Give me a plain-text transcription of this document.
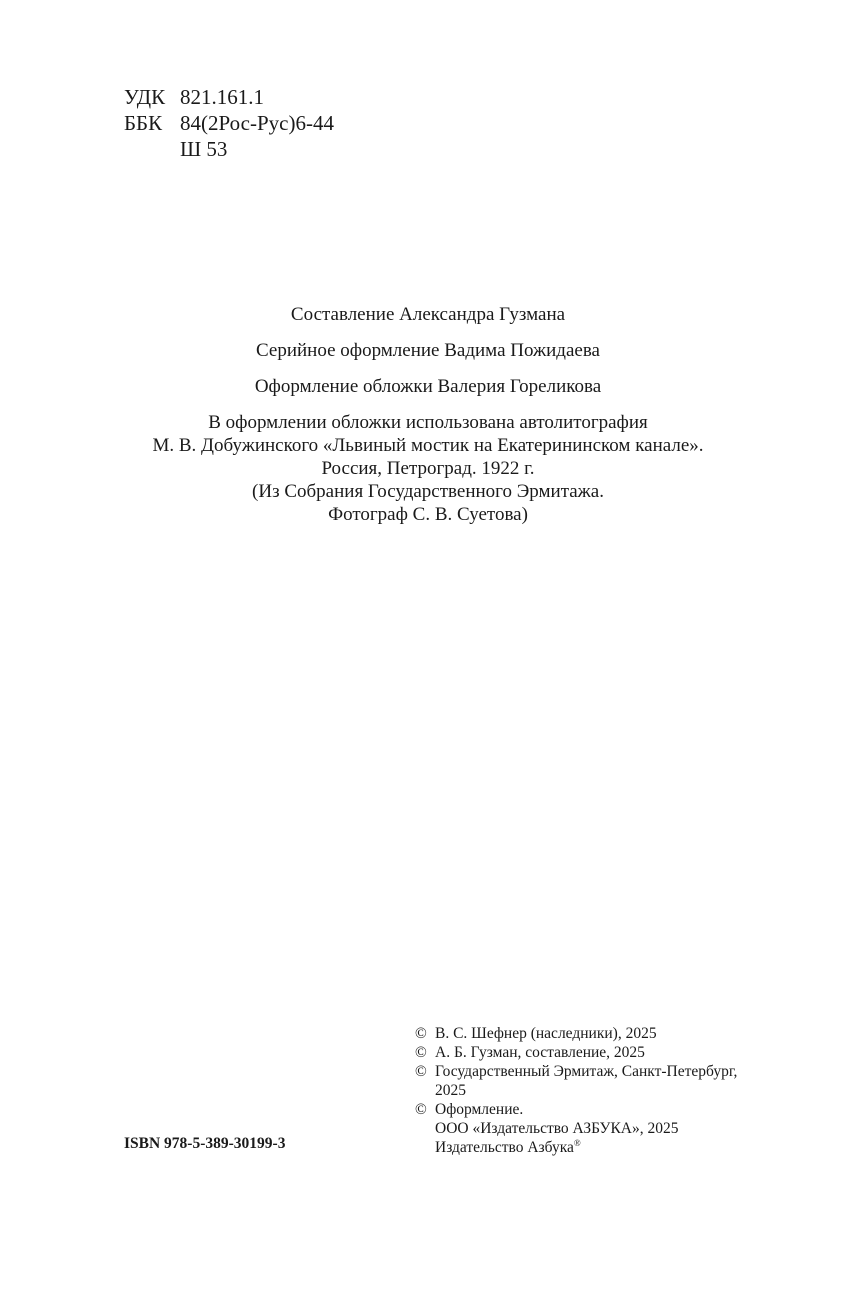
УДК 821.161.1
ББК 84(2Рос-Рус)6-44
Ш 53

Составление Александра Гузмана

Серийное оформление Вадима Пожидаева

Оформление обложки Валерия Гореликова

В оформлении обложки использована автолитография
М. В. Добужинского «Львиный мостик на Екатерининском канале».
Россия, Петроград. 1922 г.
(Из Собрания Государственного Эрмитажа.
Фотограф С. В. Суетова)
© В. С. Шефнер (наследники), 2025
© А. Б. Гузман, составление, 2025
© Государственный Эрмитаж, Санкт-Петербург,
2025
© Оформление.
ООО «Издательство АЗБУКА», 2025
Издательство Азбука®
ISBN 978-5-389-30199-3
